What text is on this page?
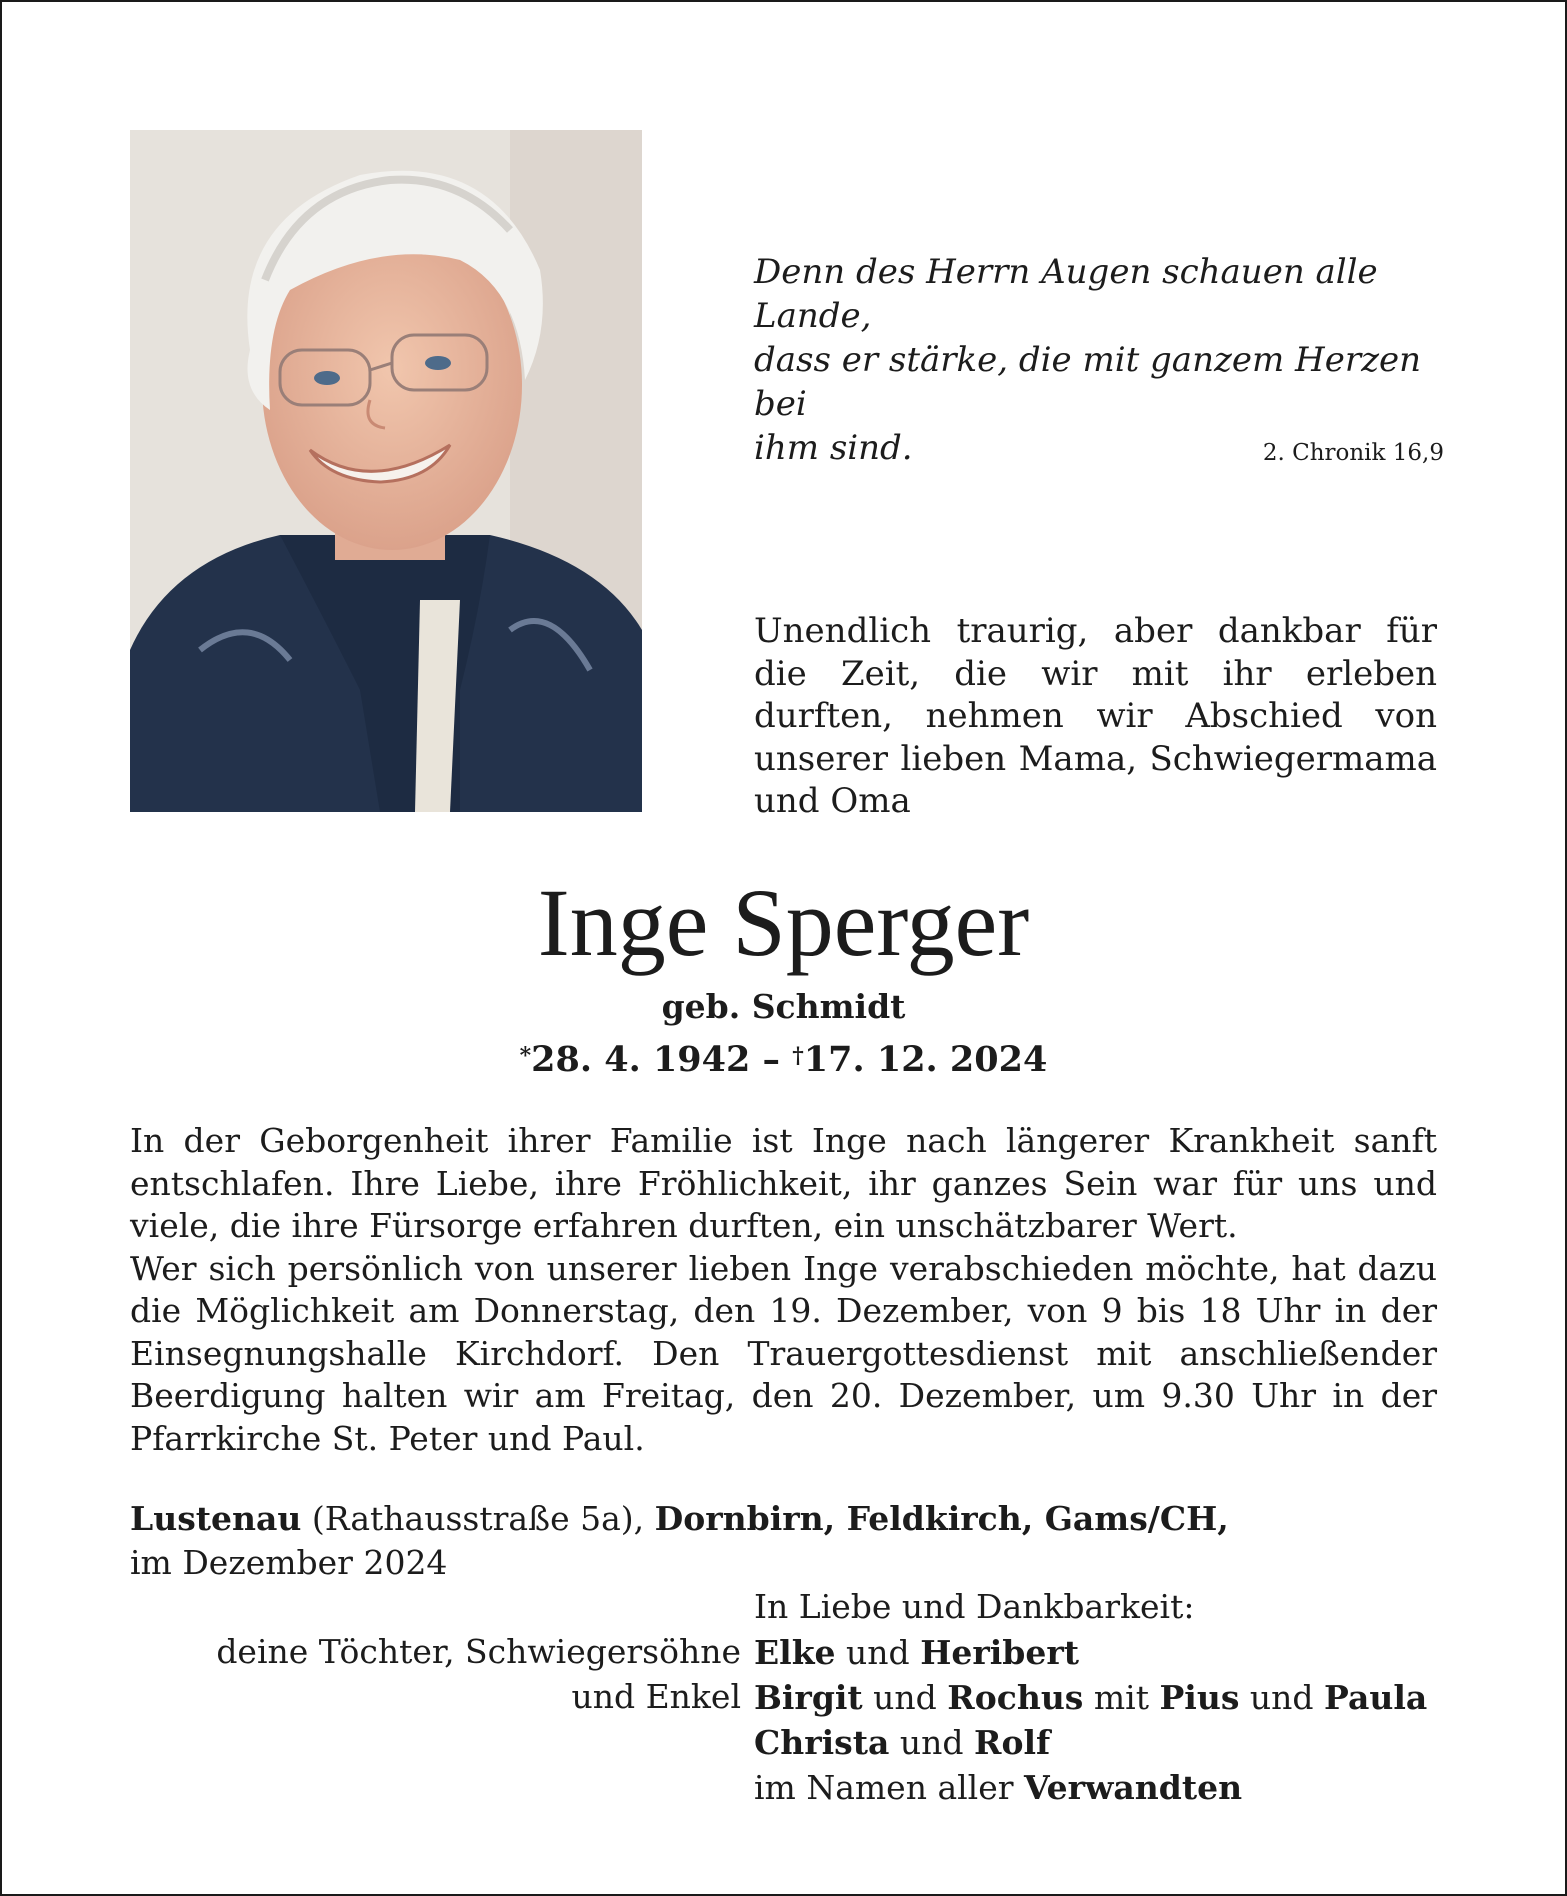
Denn des Herrn Augen schauen alle Lande,
dass er stärke, die mit ganzem Herzen bei
ihm sind.	2. Chronik 16,9
Unendlich traurig, aber dankbar für die Zeit, die wir mit ihr erleben durften, nehmen wir Abschied von unserer lieben Mama, Schwiegermama und Oma
Inge Sperger
geb. Schmidt
*28. 4. 1942 – †17. 12. 2024

In der Geborgenheit ihrer Familie ist Inge nach längerer Krankheit sanft entschlafen. Ihre Liebe, ihre Fröhlichkeit, ihr ganzes Sein war für uns und viele, die ihre Fürsorge erfahren durften, ein unschätzbarer Wert.

Wer sich persönlich von unserer lieben Inge verabschieden möchte, hat dazu die Möglichkeit am Donnerstag, den 19. Dezember, von 9 bis 18 Uhr in der Einsegnungshalle Kirchdorf. Den Trauergottesdienst mit anschließender Beerdigung halten wir am Freitag, den 20. Dezember, um 9.30 Uhr in der Pfarrkirche St. Peter und Paul.

Lustenau (Rathausstraße 5a), Dornbirn, Feldkirch, Gams/CH,
im Dezember 2024
In Liebe und Dankbarkeit:
deine Töchter, Schwiegersöhne
und Enkel
Elke und Heribert
Birgit und Rochus mit Pius und Paula
Christa und Rolf
im Namen aller Verwandten
